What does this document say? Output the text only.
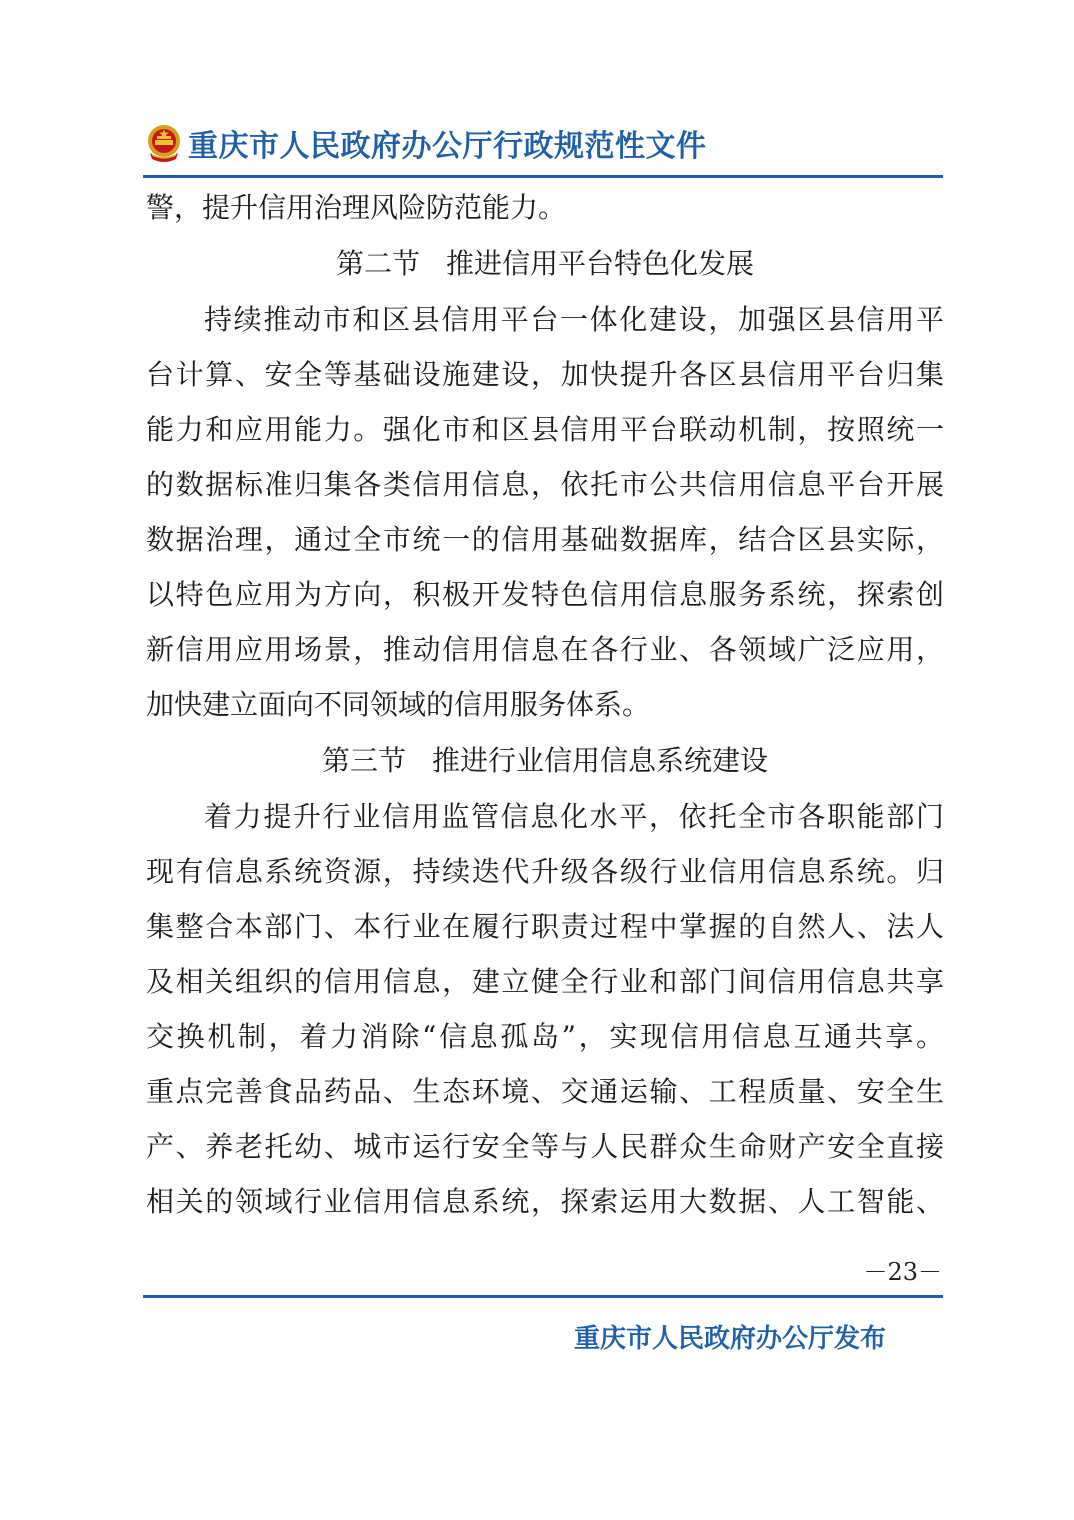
重庆市人民政府办公厅行政规范性文件
警，提升信用治理风险防范能力。
第二节 推进信用平台特色化发展
持续推动市和区县信用平台一体化建设，加强区县信用平
台计算、安全等基础设施建设，加快提升各区县信用平台归集
能力和应用能力。强化市和区县信用平台联动机制，按照统一
的数据标准归集各类信用信息，依托市公共信用信息平台开展
数据治理，通过全市统一的信用基础数据库，结合区县实际，
以特色应用为方向，积极开发特色信用信息服务系统，探索创
新信用应用场景，推动信用信息在各行业、各领域广泛应用，
加快建立面向不同领域的信用服务体系。
第三节 推进行业信用信息系统建设
着力提升行业信用监管信息化水平，依托全市各职能部门
现有信息系统资源，持续迭代升级各级行业信用信息系统。归
集整合本部门、本行业在履行职责过程中掌握的自然人、法人
及相关组织的信用信息，建立健全行业和部门间信用信息共享
交换机制，着力消除“信息孤岛”，实现信用信息互通共享。
重点完善食品药品、生态环境、交通运输、工程质量、安全生
产、养老托幼、城市运行安全等与人民群众生命财产安全直接
相关的领域行业信用信息系统，探索运用大数据、人工智能、
－23－
重庆市人民政府办公厅发布
